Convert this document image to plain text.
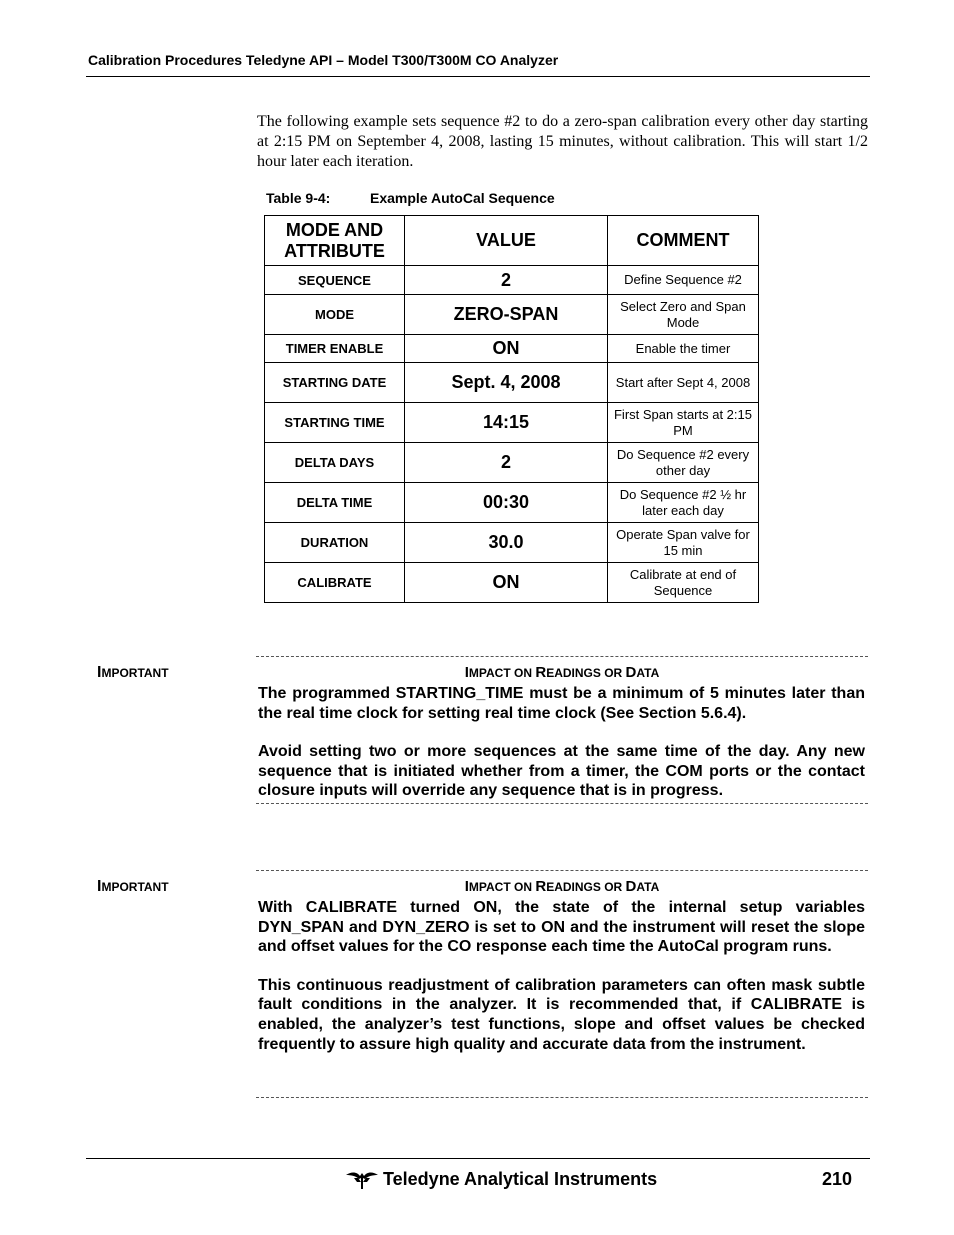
Calibration Procedures Teledyne API – Model T300/T300M CO Analyzer
The following example sets sequence #2 to do a zero-span calibration every other day starting at 2:15 PM on September 4, 2008, lasting 15 minutes, without calibration. This will start 1/2 hour later each iteration.
Table 9-4:	Example AutoCal Sequence
MODE AND ATTRIBUTE	VALUE	COMMENT
SEQUENCE	2	Define Sequence #2
MODE	ZERO-SPAN	Select Zero and Span Mode
TIMER ENABLE	ON	Enable the timer
STARTING DATE	Sept. 4, 2008	Start after Sept 4, 2008
STARTING TIME	14:15	First Span starts at 2:15 PM
DELTA DAYS	2	Do Sequence #2 every other day
DELTA TIME	00:30	Do Sequence #2 ½ hr later each day
DURATION	30.0	Operate Span valve for 15 min
CALIBRATE	ON	Calibrate at end of Sequence
IMPORTANT	IMPACT ON READINGS OR DATA

The programmed STARTING_TIME must be a minimum of 5 minutes later than the real time clock for setting real time clock (See Section 5.6.4).

Avoid setting two or more sequences at the same time of the day. Any new sequence that is initiated whether from a timer, the COM ports or the contact closure inputs will override any sequence that is in progress.

IMPORTANT	IMPACT ON READINGS OR DATA

With CALIBRATE turned ON, the state of the internal setup variables DYN_SPAN and DYN_ZERO is set to ON and the instrument will reset the slope and offset values for the CO response each time the AutoCal program runs.

This continuous readjustment of calibration parameters can often mask subtle fault conditions in the analyzer. It is recommended that, if CALIBRATE is enabled, the analyzer’s test functions, slope and offset values be checked frequently to assure high quality and accurate data from the instrument.

Teledyne Analytical Instruments	210
